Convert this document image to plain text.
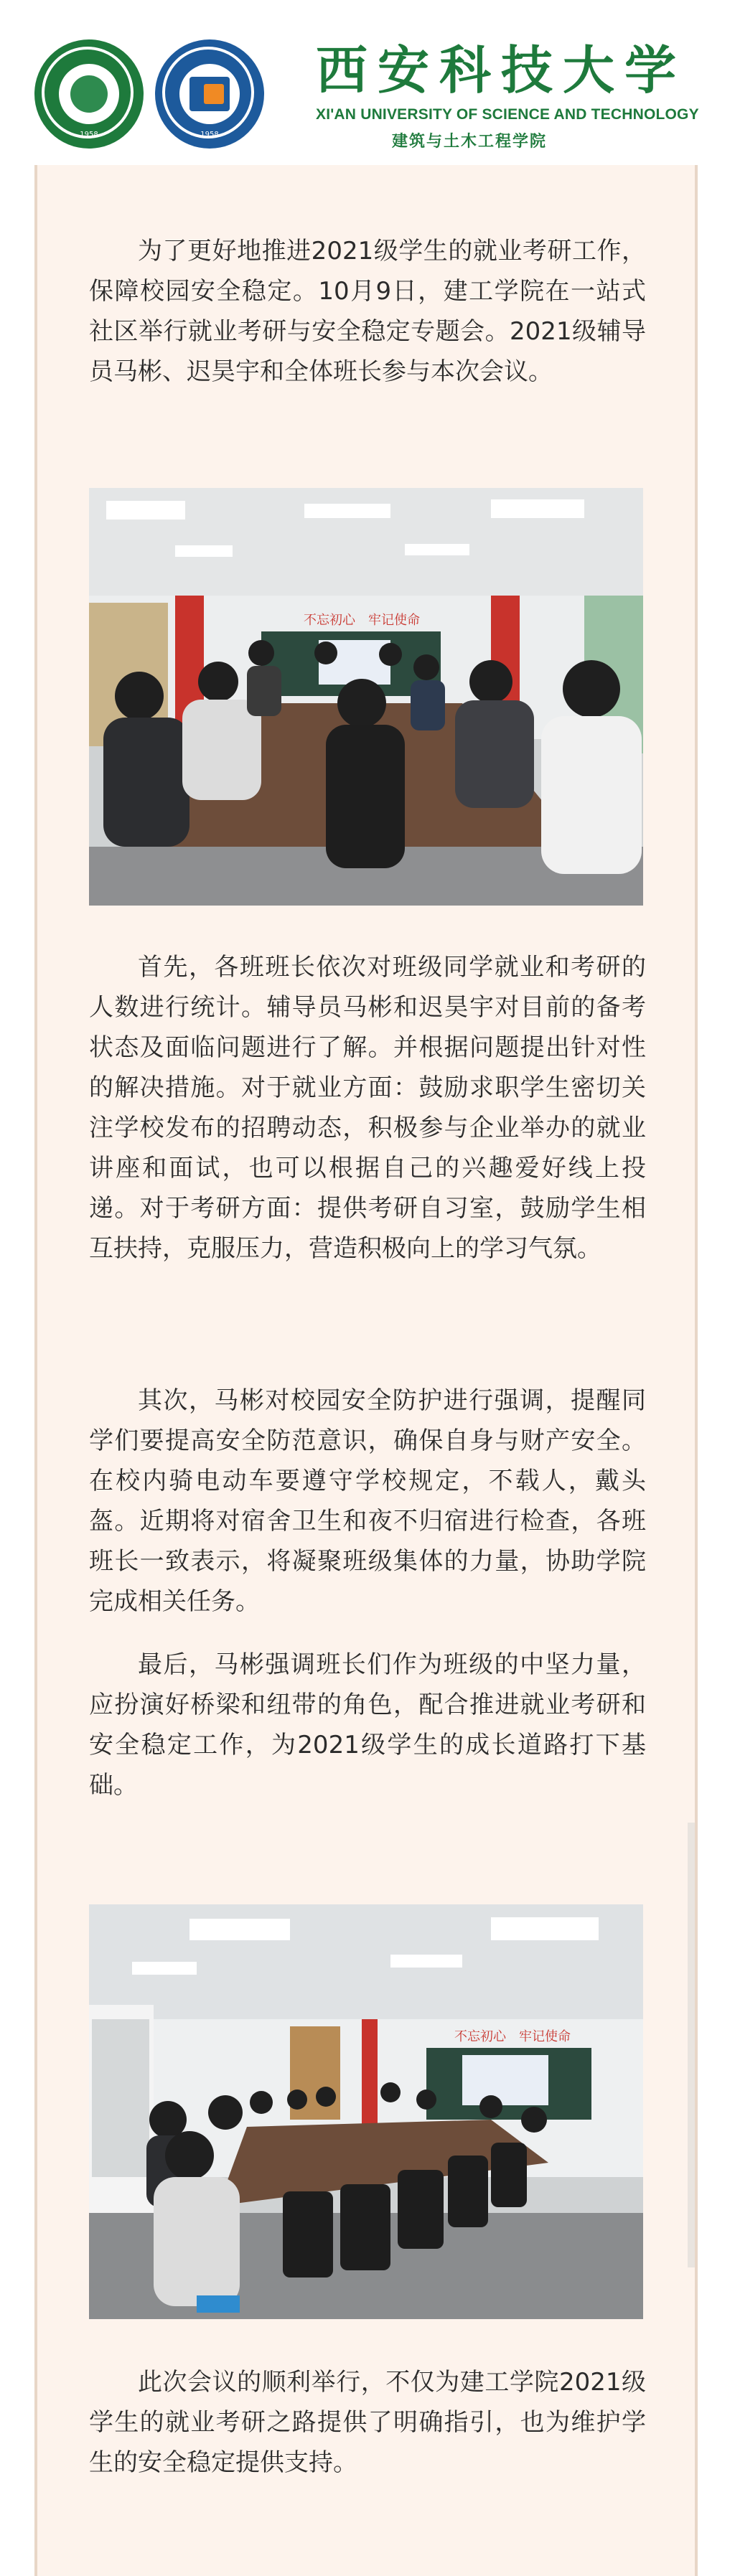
1958	1958
西安科技大学
XI'AN UNIVERSITY OF SCIENCE AND TECHNOLOGY
建筑与土木工程学院

为了更好地推进2021级学生的就业考研工作，保障校园安全稳定。10月9日，建工学院在一站式社区举行就业考研与安全稳定专题会。2021级辅导员马彬、迟昊宇和全体班长参与本次会议。

不忘初心　牢记使命

首先，各班班长依次对班级同学就业和考研的人数进行统计。辅导员马彬和迟昊宇对目前的备考状态及面临问题进行了解。并根据问题提出针对性的解决措施。对于就业方面：鼓励求职学生密切关注学校发布的招聘动态，积极参与企业举办的就业讲座和面试，也可以根据自己的兴趣爱好线上投递。对于考研方面：提供考研自习室，鼓励学生相互扶持，克服压力，营造积极向上的学习气氛。

其次，马彬对校园安全防护进行强调，提醒同学们要提高安全防范意识，确保自身与财产安全。在校内骑电动车要遵守学校规定，不载人，戴头盔。近期将对宿舍卫生和夜不归宿进行检查，各班班长一致表示，将凝聚班级集体的力量，协助学院完成相关任务。

最后，马彬强调班长们作为班级的中坚力量，应扮演好桥梁和纽带的角色，配合推进就业考研和安全稳定工作，为2021级学生的成长道路打下基础。

不忘初心　牢记使命

此次会议的顺利举行，不仅为建工学院2021级学生的就业考研之路提供了明确指引，也为维护学生的安全稳定提供支持。
